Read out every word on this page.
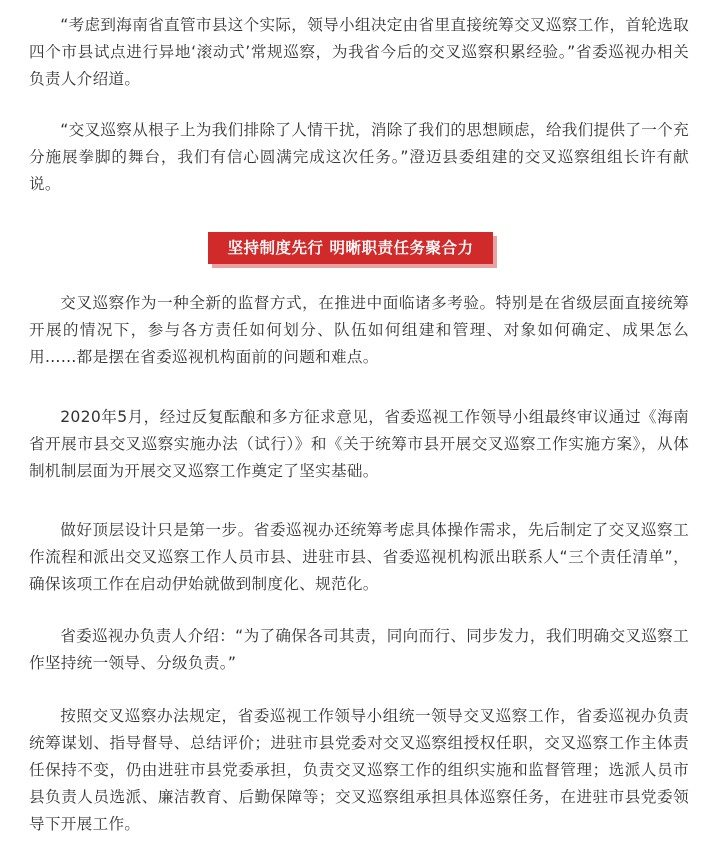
“考虑到海南省直管市县这个实际，领导小组决定由省里直接统筹交叉巡察工作，首轮选取四个市县试点进行异地‘滚动式’常规巡察，为我省今后的交叉巡察积累经验。”省委巡视办相关负责人介绍道。

“交叉巡察从根子上为我们排除了人情干扰，消除了我们的思想顾虑，给我们提供了一个充分施展拳脚的舞台，我们有信心圆满完成这次任务。”澄迈县委组建的交叉巡察组组长许有献说。

坚持制度先行 明晰职责任务聚合力

交叉巡察作为一种全新的监督方式，在推进中面临诸多考验。特别是在省级层面直接统筹开展的情况下，参与各方责任如何划分、队伍如何组建和管理、对象如何确定、成果怎么用……都是摆在省委巡视机构面前的问题和难点。

2020年5月，经过反复酝酿和多方征求意见，省委巡视工作领导小组最终审议通过《海南省开展市县交叉巡察实施办法（试行）》和《关于统筹市县开展交叉巡察工作实施方案》，从体制机制层面为开展交叉巡察工作奠定了坚实基础。

做好顶层设计只是第一步。省委巡视办还统筹考虑具体操作需求，先后制定了交叉巡察工作流程和派出交叉巡察工作人员市县、进驻市县、省委巡视机构派出联系人“三个责任清单”，确保该项工作在启动伊始就做到制度化、规范化。

省委巡视办负责人介绍：“为了确保各司其责，同向而行、同步发力，我们明确交叉巡察工作坚持统一领导、分级负责。”

按照交叉巡察办法规定，省委巡视工作领导小组统一领导交叉巡察工作，省委巡视办负责统筹谋划、指导督导、总结评价；进驻市县党委对交叉巡察组授权任职，交叉巡察工作主体责任保持不变，仍由进驻市县党委承担，负责交叉巡察工作的组织实施和监督管理；选派人员市县负责人员选派、廉洁教育、后勤保障等；交叉巡察组承担具体巡察任务，在进驻市县党委领导下开展工作。
